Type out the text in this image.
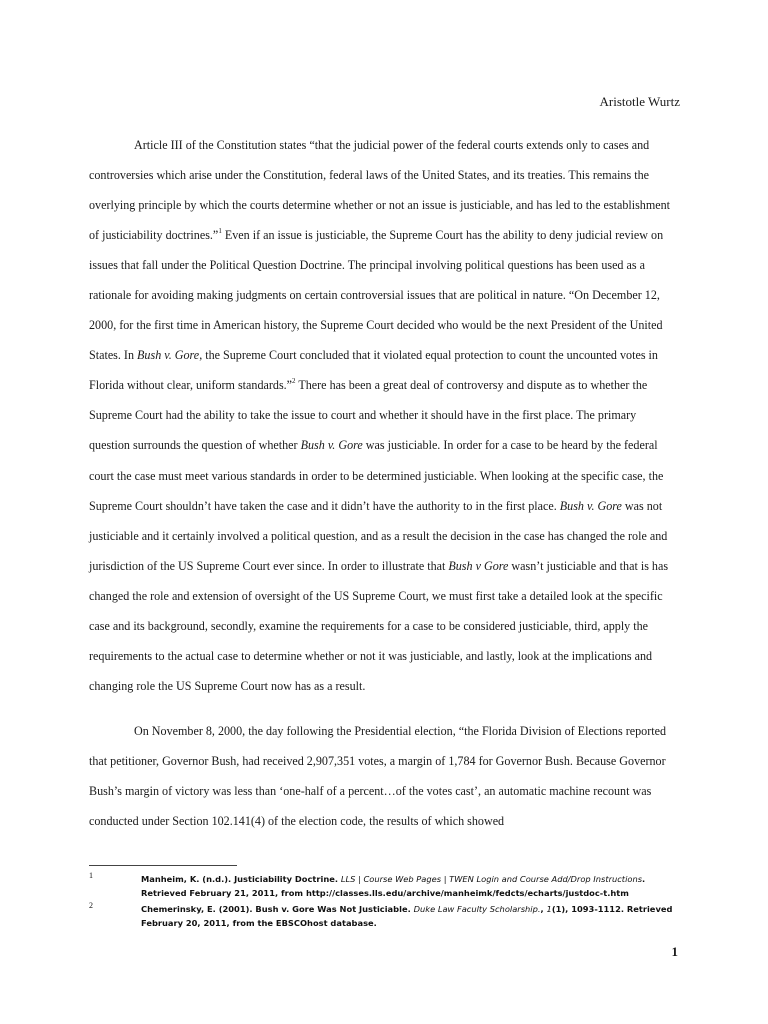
Aristotle Wurtz

Article III of the Constitution states “that the judicial power of the federal courts extends only to cases and controversies which arise under the Constitution, federal laws of the United States, and its treaties. This remains the overlying principle by which the courts determine whether or not an issue is justiciable, and has led to the establishment of justiciability doctrines.”$^1$ Even if an issue is justiciable, the Supreme Court has the ability to deny judicial review on issues that fall under the Political Question Doctrine. The principal involving political questions has been used as a rationale for avoiding making judgments on certain controversial issues that are political in nature. “On December 12, 2000, for the first time in American history, the Supreme Court decided who would be the next President of the United States. In Bush v. Gore, the Supreme Court concluded that it violated equal protection to count the uncounted votes in Florida without clear, uniform standards.”$^2$ There has been a great deal of controversy and dispute as to whether the Supreme Court had the ability to take the issue to court and whether it should have in the first place. The primary question surrounds the question of whether Bush v. Gore was justiciable. In order for a case to be heard by the federal court the case must meet various standards in order to be determined justiciable. When looking at the specific case, the Supreme Court shouldn’t have taken the case and it didn’t have the authority to in the first place. Bush v. Gore was not justiciable and it certainly involved a political question, and as a result the decision in the case has changed the role and jurisdiction of the US Supreme Court ever since. In order to illustrate that Bush v Gore wasn’t justiciable and that is has changed the role and extension of oversight of the US Supreme Court, we must first take a detailed look at the specific case and its background, secondly, examine the requirements for a case to be considered justiciable, third, apply the requirements to the actual case to determine whether or not it was justiciable, and lastly, look at the implications and changing role the US Supreme Court now has as a result.

On November 8, 2000, the day following the Presidential election, “the Florida Division of Elections reported that petitioner, Governor Bush, had received 2,907,351 votes, a margin of 1,784 for Governor Bush. Because Governor Bush’s margin of victory was less than ‘one-half of a percent…of the votes cast’, an automatic machine recount was conducted under Section 102.141(4) of the election code, the results of which showed

1	Manheim, K. (n.d.). Justiciability Doctrine. LLS | Course Web Pages | TWEN Login and Course Add/Drop Instructions. Retrieved February 21, 2011, from http://classes.lls.edu/archive/manheimk/fedcts/echarts/justdoc-t.htm
2	Chemerinsky, E. (2001). Bush v. Gore Was Not Justiciable. Duke Law Faculty Scholarship., 1(1), 1093-1112. Retrieved February 20, 2011, from the EBSCOhost database.
1
